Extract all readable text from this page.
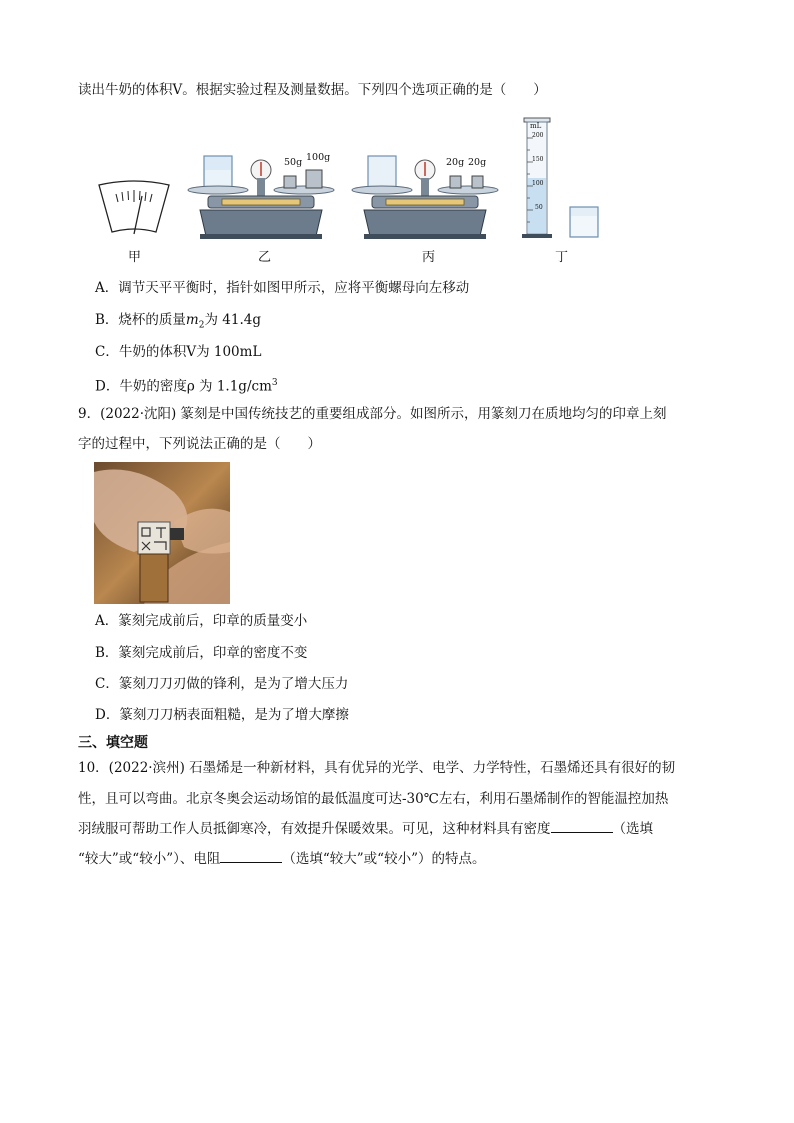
读出牛奶的体积V。根据实验过程及测量数据。下列四个选项正确的是（　　）
甲
50g 100g
乙
20g 20g
丙
mL
200
150
100
50
丁
A．调节天平平衡时，指针如图甲所示，应将平衡螺母向左移动
B．烧杯的质量$m_2$为 41.4g
C．牛奶的体积V为 100mL
D．牛奶的密度ρ 为 $1.1g/cm^3$
9．(2022·沈阳) 篆刻是中国传统技艺的重要组成部分。如图所示，用篆刻刀在质地均匀的印章上刻
字的过程中，下列说法正确的是（　　）
A．篆刻完成前后，印章的质量变小
B．篆刻完成前后，印章的密度不变
C．篆刻刀刀刃做的锋利，是为了增大压力
D．篆刻刀刀柄表面粗糙，是为了增大摩擦
三、填空题
10．(2022·滨州) 石墨烯是一种新材料，具有优异的光学、电学、力学特性，石墨烯还具有很好的韧
性，且可以弯曲。北京冬奥会运动场馆的最低温度可达-30℃左右，利用石墨烯制作的智能温控加热
羽绒服可帮助工作人员抵御寒冷，有效提升保暖效果。可见，这种材料具有密度	（选填
“较大”或“较小”）、电阻	（选填“较大”或“较小”）的特点。
